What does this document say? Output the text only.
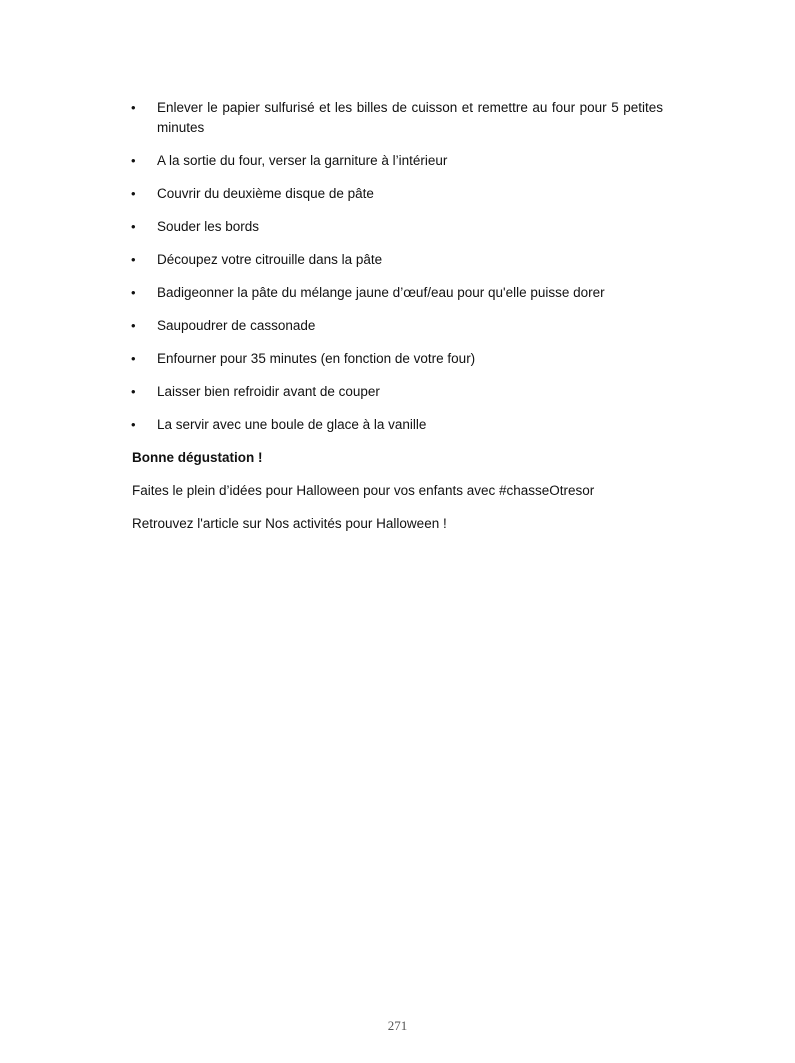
• Enlever le papier sulfurisé et les billes de cuisson et remettre au four pour 5 petites minutes
• A la sortie du four, verser la garniture à l’intérieur
• Couvrir du deuxième disque de pâte
• Souder les bords
• Découpez votre citrouille dans la pâte
• Badigeonner la pâte du mélange jaune d’œuf/eau pour qu'elle puisse dorer
• Saupoudrer de cassonade
• Enfourner pour 35 minutes (en fonction de votre four)
• Laisser bien refroidir avant de couper
• La servir avec une boule de glace à la vanille

Bonne dégustation !

Faites le plein d’idées pour Halloween pour vos enfants avec #chasseOtresor

Retrouvez l'article sur Nos activités pour Halloween !

271
